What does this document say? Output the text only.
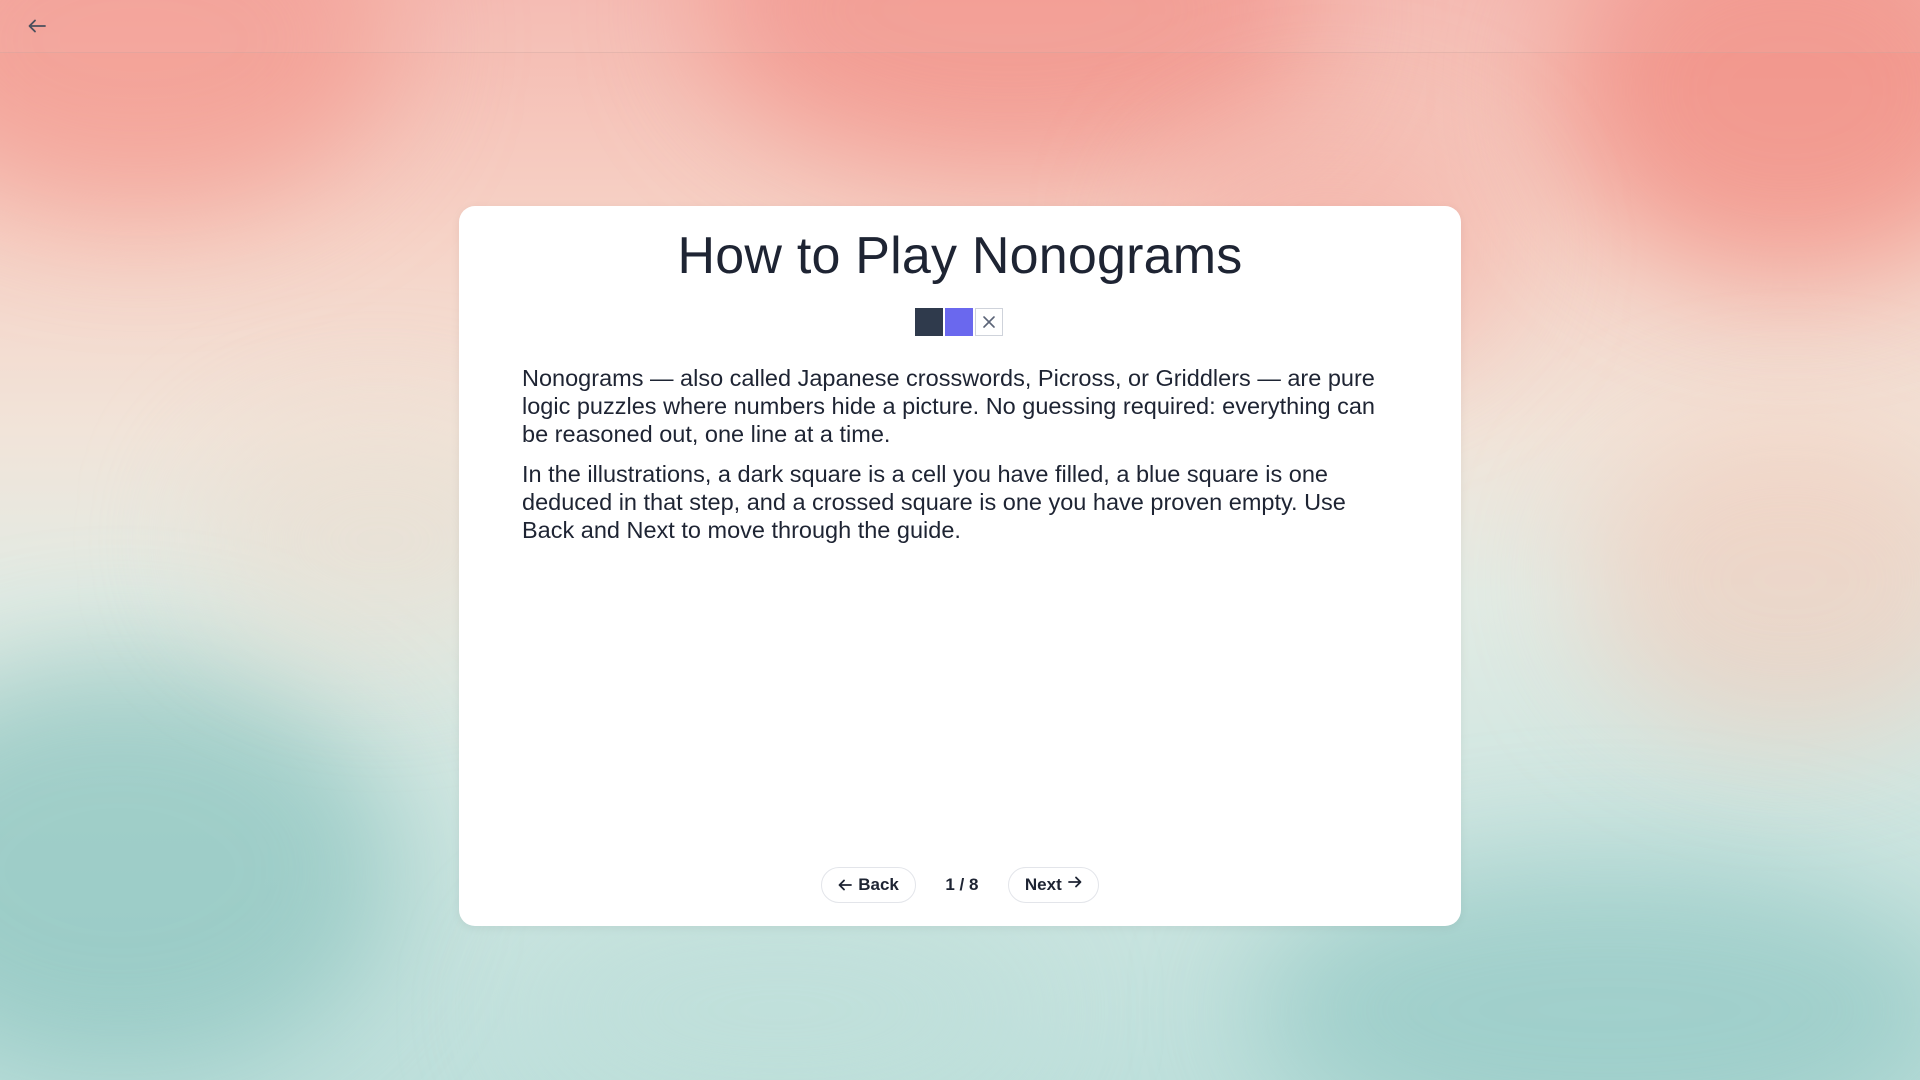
How to Play Nonograms

Nonograms — also called Japanese crosswords, Picross, or Griddlers — are pure logic puzzles where numbers hide a picture. No guessing required: everything can be reasoned out, one line at a time.

In the illustrations, a dark square is a cell you have filled, a blue square is one deduced in that step, and a crossed square is one you have proven empty. Use Back and Next to move through the guide.

Back	1 / 8	Next
